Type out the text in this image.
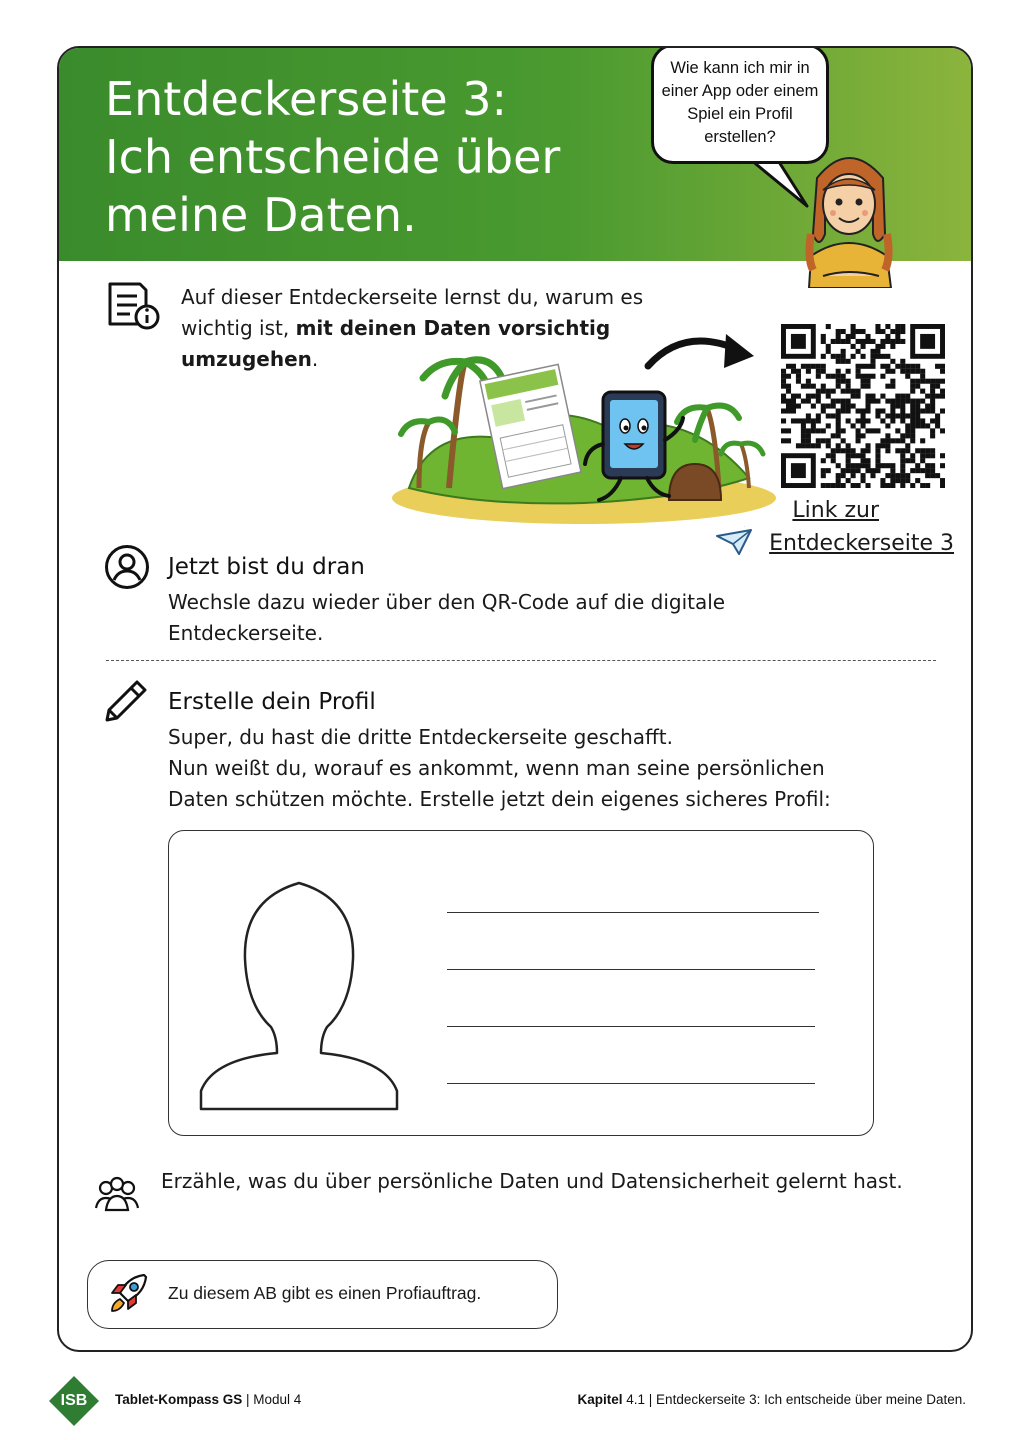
Entdeckerseite 3:
Ich entscheide über
meine Daten.
Wie kann ich mir in einer App oder einem Spiel ein Profil erstellen?
Auf dieser Entdeckerseite lernst du, warum es wichtig ist, mit deinen Daten vorsichtig umzugehen.
Link zur
Entdeckerseite 3
Jetzt bist du dran
Wechsle dazu wieder über den QR-Code auf die digitale Entdeckerseite.
Erstelle dein Profil
Super, du hast die dritte Entdeckerseite geschafft.
Nun weißt du, worauf es ankommt, wenn man seine persönlichen
Daten schützen möchte. Erstelle jetzt dein eigenes sicheres Profil:
Erzähle, was du über persönliche Daten und Datensicherheit gelernt hast.
Zu diesem AB gibt es einen Profiauftrag.
ISB	Tablet-Kompass GS | Modul 4	Kapitel 4.1 | Entdeckerseite 3: Ich entscheide über meine Daten.
